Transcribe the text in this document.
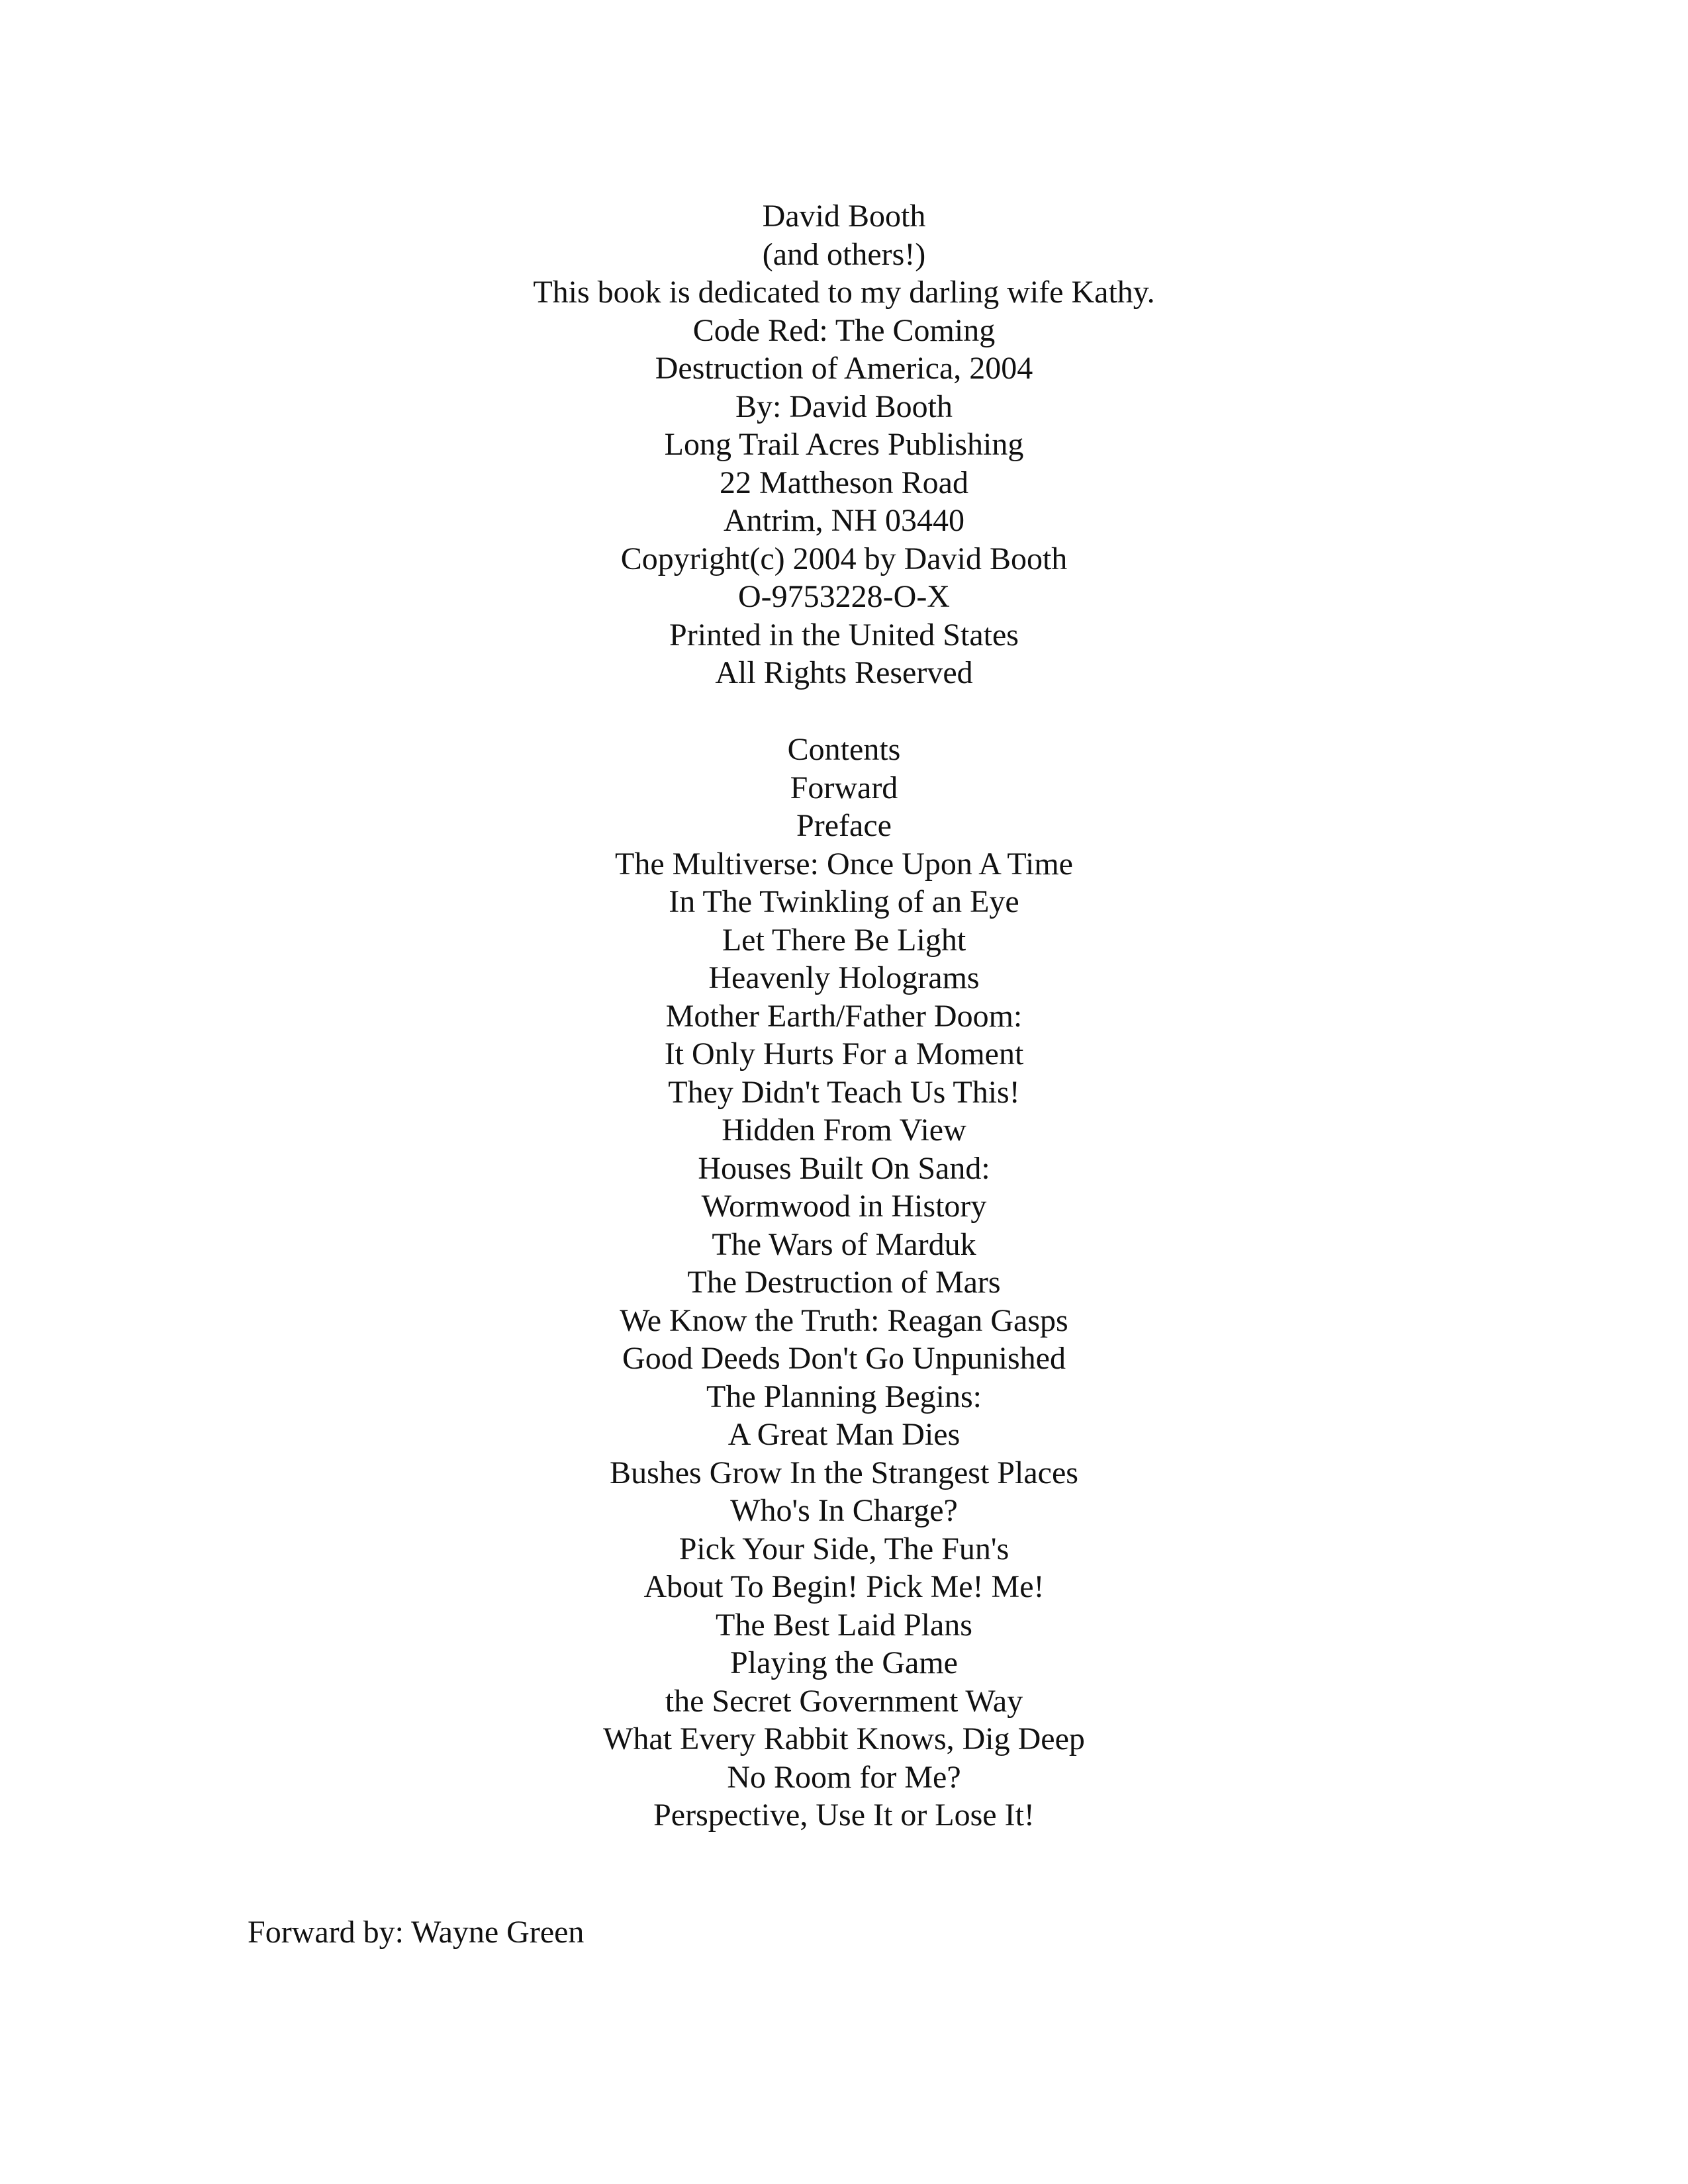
David Booth
(and others!)
This book is dedicated to my darling wife Kathy.
Code Red: The Coming
Destruction of America, 2004
By: David Booth
Long Trail Acres Publishing
22 Mattheson Road
Antrim, NH 03440
Copyright(c) 2004 by David Booth
O-9753228-O-X
Printed in the United States
All Rights Reserved
Contents
Forward
Preface
The Multiverse: Once Upon A Time
In The Twinkling of an Eye
Let There Be Light
Heavenly Holograms
Mother Earth/Father Doom:
It Only Hurts For a Moment
They Didn't Teach Us This!
Hidden From View
Houses Built On Sand:
Wormwood in History
The Wars of Marduk
The Destruction of Mars
We Know the Truth: Reagan Gasps
Good Deeds Don't Go Unpunished
The Planning Begins:
A Great Man Dies
Bushes Grow In the Strangest Places
Who's In Charge?
Pick Your Side, The Fun's
About To Begin! Pick Me! Me!
The Best Laid Plans
Playing the Game
the Secret Government Way
What Every Rabbit Knows, Dig Deep
No Room for Me?
Perspective, Use It or Lose It!
Forward by: Wayne Green
